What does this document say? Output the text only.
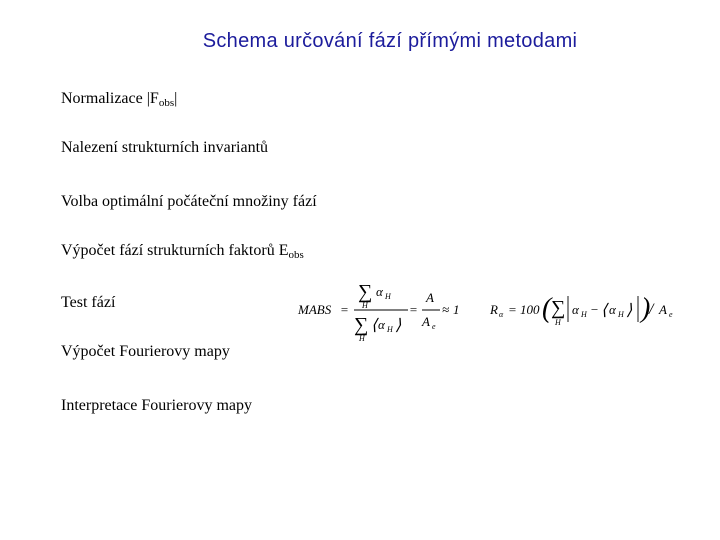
Schema určování fází přímými metodami
Normalizace $|F_{obs}|$
Nalezení strukturních invariantů
Volba optimální počáteční množiny fází
Výpočet fází strukturních faktorů $E_{obs}$
Test fází
Výpočet Fourierovy mapy
Interpretace Fourierovy mapy
MABS =
∑
H
α H
∑
H
⟨ α H ⟩
=
A
A e
≈ 1 R α = 100 ( ∑
H
α H − ⟨ α H ⟩ )
/ A e
